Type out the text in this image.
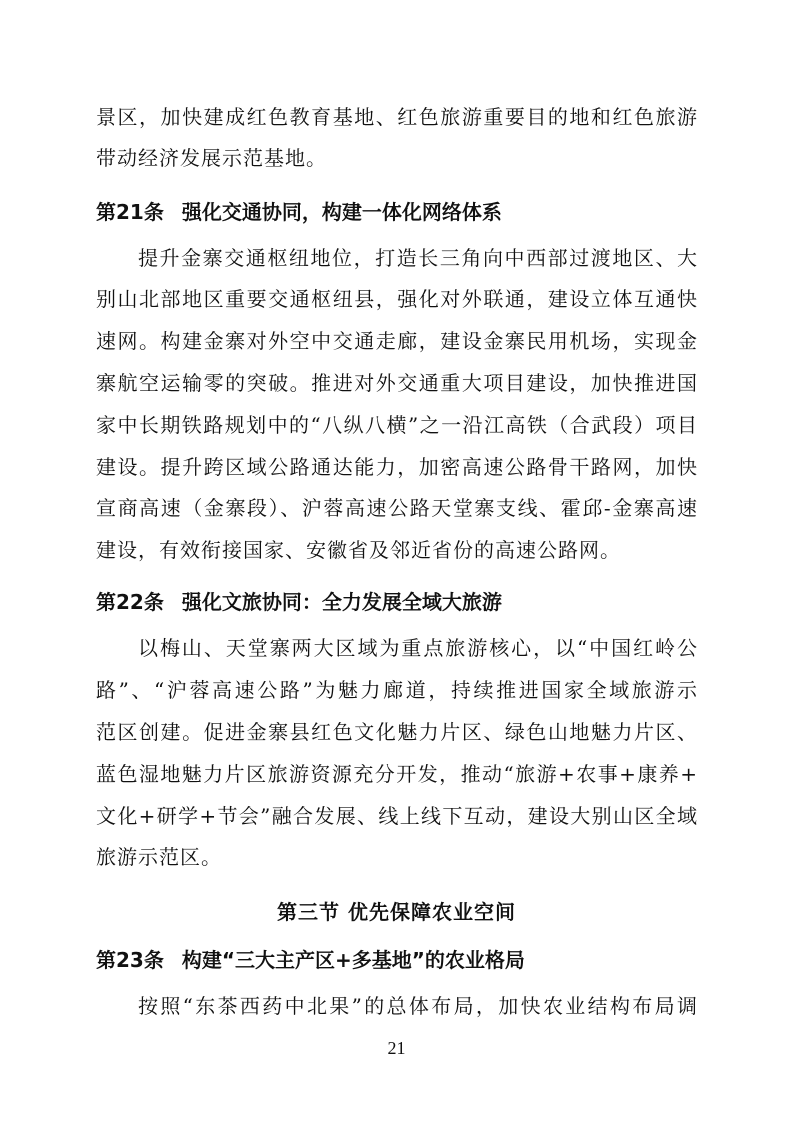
景区，加快建成红色教育基地、红色旅游重要目的地和红色旅游
带动经济发展示范基地。
第21条 强化交通协同，构建一体化网络体系
提升金寨交通枢纽地位，打造长三角向中西部过渡地区、大
别山北部地区重要交通枢纽县，强化对外联通，建设立体互通快
速网。构建金寨对外空中交通走廊，建设金寨民用机场，实现金
寨航空运输零的突破。推进对外交通重大项目建设，加快推进国
家中长期铁路规划中的“八纵八横”之一沿江高铁（合武段）项目
建设。提升跨区域公路通达能力，加密高速公路骨干路网，加快
宣商高速（金寨段）、沪蓉高速公路天堂寨支线、霍邱-金寨高速
建设，有效衔接国家、安徽省及邻近省份的高速公路网。
第22条 强化文旅协同：全力发展全域大旅游
以梅山、天堂寨两大区域为重点旅游核心，以“中国红岭公
路”、“沪蓉高速公路”为魅力廊道，持续推进国家全域旅游示
范区创建。促进金寨县红色文化魅力片区、绿色山地魅力片区、
蓝色湿地魅力片区旅游资源充分开发，推动“旅游+农事+康养+
文化+研学+节会”融合发展、线上线下互动，建设大别山区全域
旅游示范区。
第三节 优先保障农业空间
第23条 构建“三大主产区+多基地”的农业格局
按照“东茶西药中北果”的总体布局，加快农业结构布局调
21
